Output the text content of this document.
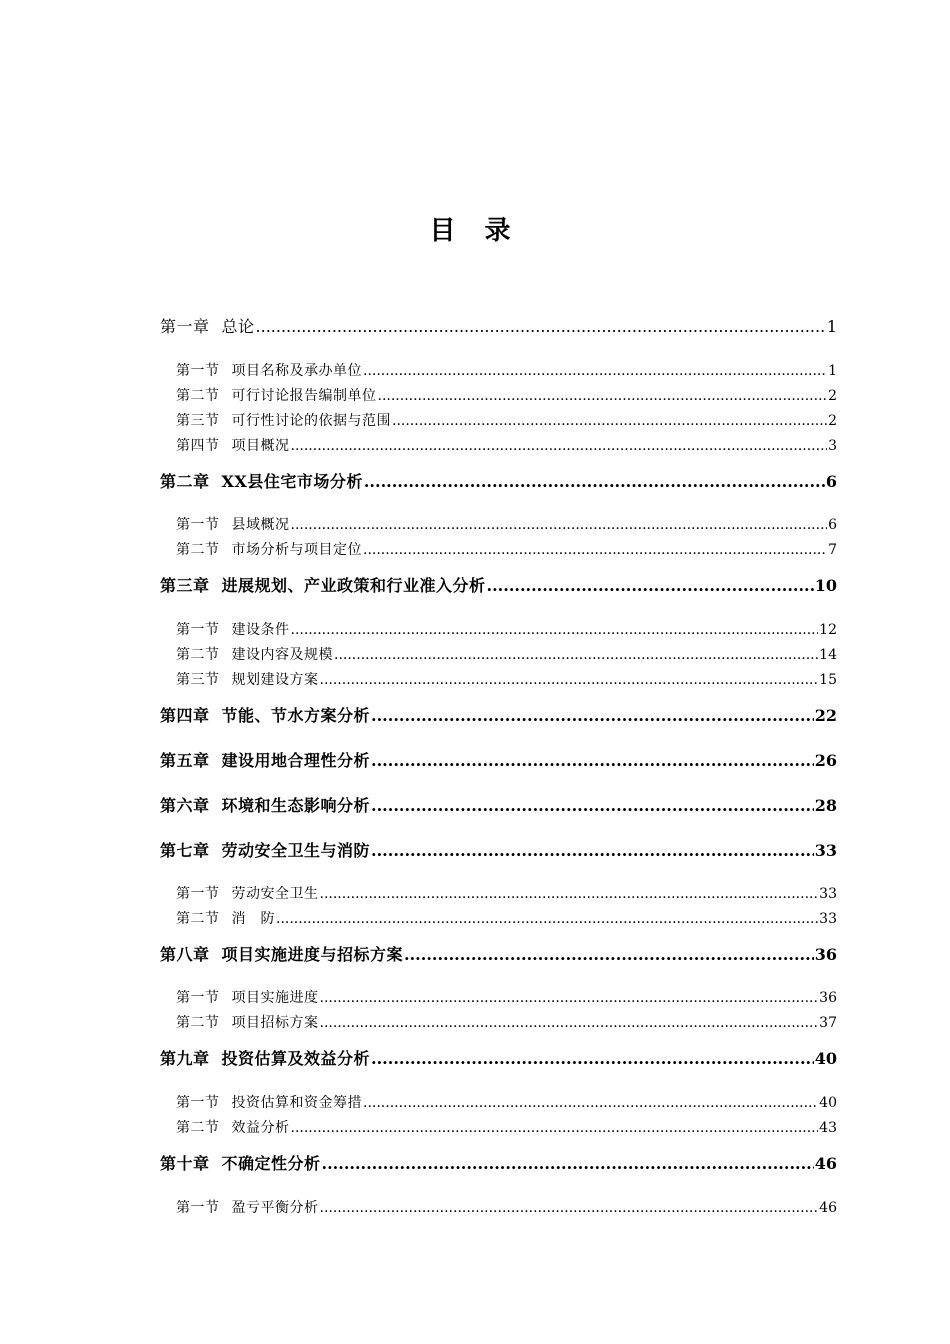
目 录
第一章 总论 .....	1
第一节 项目名称及承办单位 .....	1
第二节 可行讨论报告编制单位 .....	2
第三节 可行性讨论的依据与范围 .....	2
第四节 项目概况 .....	3
第二章 XX县住宅市场分析 .....	6
第一节 县域概况 .....	6
第二节 市场分析与项目定位 .....	7
第三章 进展规划、产业政策和行业准入分析 .....	10
第一节 建设条件 .....	12
第二节 建设内容及规模 .....	14
第三节 规划建设方案 .....	15
第四章 节能、节水方案分析 .....	22
第五章 建设用地合理性分析 .....	26
第六章 环境和生态影响分析 .....	28
第七章 劳动安全卫生与消防 .....	33
第一节 劳动安全卫生 .....	33
第二节 消　防 .....	33
第八章 项目实施进度与招标方案 .....	36
第一节 项目实施进度 .....	36
第二节 项目招标方案 .....	37
第九章 投资估算及效益分析 .....	40
第一节 投资估算和资金筹措 .....	40
第二节 效益分析 .....	43
第十章 不确定性分析 .....	46
第一节 盈亏平衡分析 .....	46
